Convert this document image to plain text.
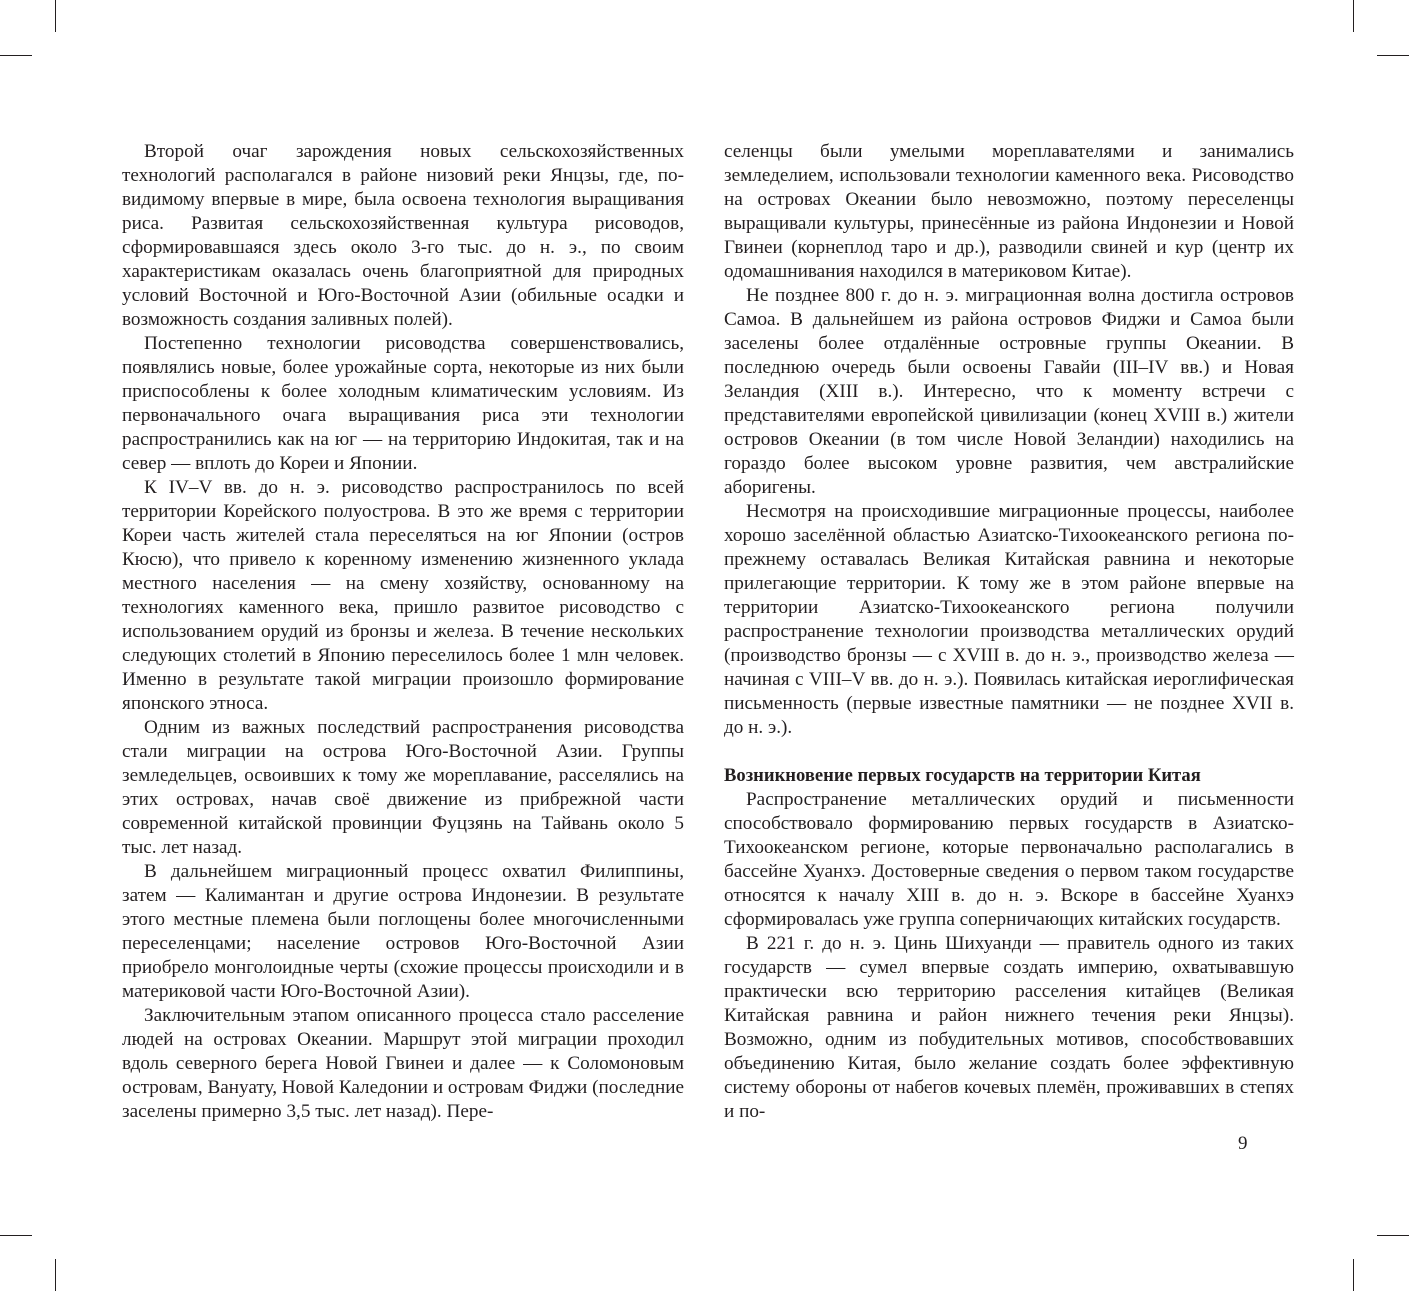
Второй очаг зарождения новых сельскохозяйственных технологий располагался в районе низовий реки Янцзы, где, по-видимому впервые в мире, была освоена технология выращивания риса. Развитая сельскохозяйственная культура рисоводов, сформировавшаяся здесь около 3-го тыс. до н. э., по своим характеристикам оказалась очень благоприятной для природных условий Восточной и Юго-Восточной Азии (обильные осадки и возможность создания заливных полей).

Постепенно технологии рисоводства совершенствовались, появлялись новые, более урожайные сорта, некоторые из них были приспособлены к более холодным климатическим условиям. Из первоначального очага выращивания риса эти технологии распространились как на юг — на территорию Индокитая, так и на север — вплоть до Кореи и Японии.

К IV–V вв. до н. э. рисоводство распространилось по всей территории Корейского полуострова. В это же время с территории Кореи часть жителей стала переселяться на юг Японии (остров Кюсю), что привело к коренному изменению жизненного уклада местного населения — на смену хозяйству, основанному на технологиях каменного века, пришло развитое рисоводство с использованием орудий из бронзы и железа. В течение нескольких следующих столетий в Японию переселилось более 1 млн человек. Именно в результате такой миграции произошло формирование японского этноса.

Одним из важных последствий распространения рисоводства стали миграции на острова Юго-Восточной Азии. Группы земледельцев, освоивших к тому же мореплавание, расселялись на этих островах, начав своё движение из прибрежной части современной китайской провинции Фуцзянь на Тайвань около 5 тыс. лет назад.

В дальнейшем миграционный процесс охватил Филиппины, затем — Калимантан и другие острова Индонезии. В результате этого местные племена были поглощены более многочисленными переселенцами; население островов Юго-Восточной Азии приобрело монголоидные черты (схожие процессы происходили и в материковой части Юго-Восточной Азии).

Заключительным этапом описанного процесса стало расселение людей на островах Океании. Маршрут этой миграции проходил вдоль северного берега Новой Гвинеи и далее — к Соломоновым островам, Вануату, Новой Каледонии и островам Фиджи (последние заселены примерно 3,5 тыс. лет назад). Пере-

селенцы были умелыми мореплавателями и занимались земледелием, использовали технологии каменного века. Рисоводство на островах Океании было невозможно, поэтому переселенцы выращивали культуры, принесённые из района Индонезии и Новой Гвинеи (корнеплод таро и др.), разводили свиней и кур (центр их одомашнивания находился в материковом Китае).

Не позднее 800 г. до н. э. миграционная волна достигла островов Самоа. В дальнейшем из района островов Фиджи и Самоа были заселены более отдалённые островные группы Океании. В последнюю очередь были освоены Гавайи (III–IV вв.) и Новая Зеландия (XIII в.). Интересно, что к моменту встречи с представителями европейской цивилизации (конец XVIII в.) жители островов Океании (в том числе Новой Зеландии) находились на гораздо более высоком уровне развития, чем австралийские аборигены.

Несмотря на происходившие миграционные процессы, наиболее хорошо заселённой областью Азиатско-Тихоокеанского региона по-прежнему оставалась Великая Китайская равнина и некоторые прилегающие территории. К тому же в этом районе впервые на территории Азиатско-Тихоокеанского региона получили распространение технологии производства металлических орудий (производство бронзы — с XVIII в. до н. э., производство железа — начиная с VIII–V вв. до н. э.). Появилась китайская иероглифическая письменность (первые известные памятники — не позднее XVII в. до н. э.).

Возникновение первых государств на территории Китая

Распространение металлических орудий и письменности способствовало формированию первых государств в Азиатско-Тихоокеанском регионе, которые первоначально располагались в бассейне Хуанхэ. Достоверные сведения о первом таком государстве относятся к началу XIII в. до н. э. Вскоре в бассейне Хуанхэ сформировалась уже группа соперничающих китайских государств.

В 221 г. до н. э. Цинь Шихуанди — правитель одного из таких государств — сумел впервые создать империю, охватывавшую практически всю территорию расселения китайцев (Великая Китайская равнина и район нижнего течения реки Янцзы). Возможно, одним из побудительных мотивов, способствовавших объединению Китая, было желание создать более эффективную систему обороны от набегов кочевых племён, проживавших в степях и по-

9
